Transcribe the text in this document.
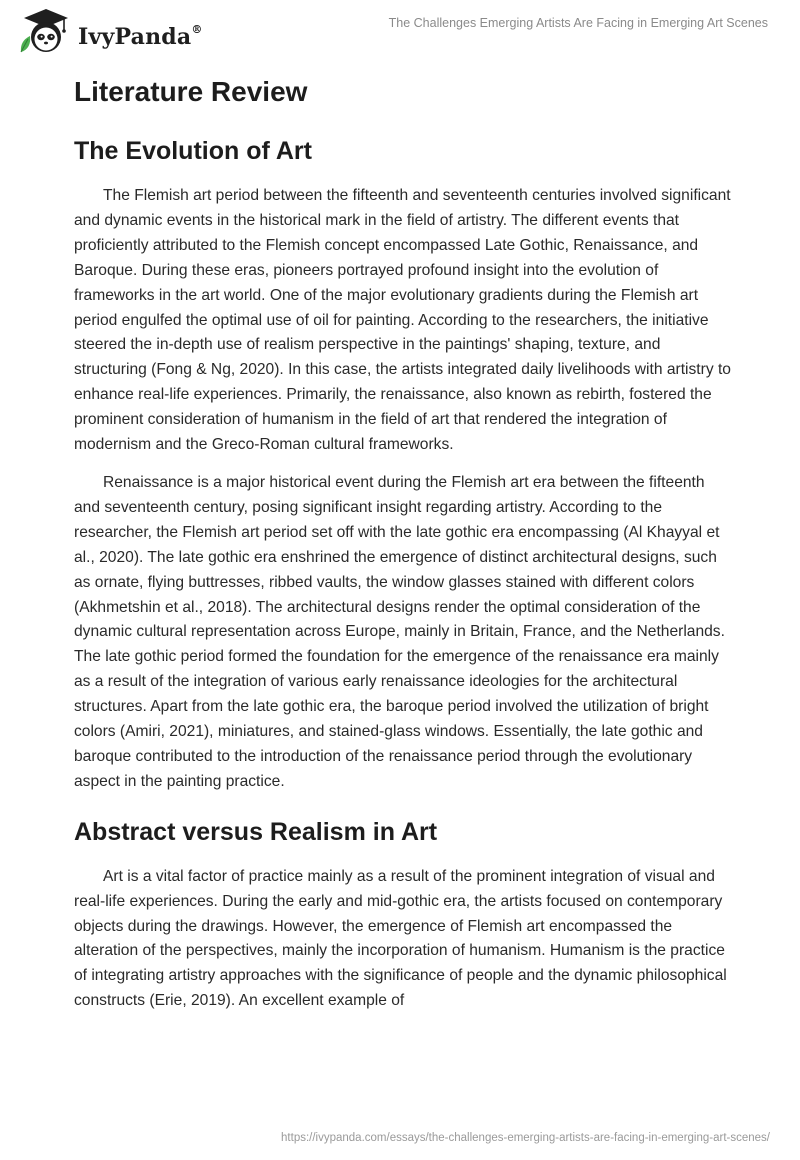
IvyPanda®	The Challenges Emerging Artists Are Facing in Emerging Art Scenes
Literature Review
The Evolution of Art

The Flemish art period between the fifteenth and seventeenth centuries involved significant and dynamic events in the historical mark in the field of artistry. The different events that proficiently attributed to the Flemish concept encompassed Late Gothic, Renaissance, and Baroque. During these eras, pioneers portrayed profound insight into the evolution of frameworks in the art world. One of the major evolutionary gradients during the Flemish art period engulfed the optimal use of oil for painting. According to the researchers, the initiative steered the in-depth use of realism perspective in the paintings' shaping, texture, and structuring (Fong & Ng, 2020). In this case, the artists integrated daily livelihoods with artistry to enhance real-life experiences. Primarily, the renaissance, also known as rebirth, fostered the prominent consideration of humanism in the field of art that rendered the integration of modernism and the Greco-Roman cultural frameworks.

Renaissance is a major historical event during the Flemish art era between the fifteenth and seventeenth century, posing significant insight regarding artistry. According to the researcher, the Flemish art period set off with the late gothic era encompassing (Al Khayyal et al., 2020). The late gothic era enshrined the emergence of distinct architectural designs, such as ornate, flying buttresses, ribbed vaults, the window glasses stained with different colors (Akhmetshin et al., 2018). The architectural designs render the optimal consideration of the dynamic cultural representation across Europe, mainly in Britain, France, and the Netherlands. The late gothic period formed the foundation for the emergence of the renaissance era mainly as a result of the integration of various early renaissance ideologies for the architectural structures. Apart from the late gothic era, the baroque period involved the utilization of bright colors (Amiri, 2021), miniatures, and stained-glass windows. Essentially, the late gothic and baroque contributed to the introduction of the renaissance period through the evolutionary aspect in the painting practice.

Abstract versus Realism in Art

Art is a vital factor of practice mainly as a result of the prominent integration of visual and real-life experiences. During the early and mid-gothic era, the artists focused on contemporary objects during the drawings. However, the emergence of Flemish art encompassed the alteration of the perspectives, mainly the incorporation of humanism. Humanism is the practice of integrating artistry approaches with the significance of people and the dynamic philosophical constructs (Erie, 2019). An excellent example of

https://ivypanda.com/essays/the-challenges-emerging-artists-are-facing-in-emerging-art-scenes/
